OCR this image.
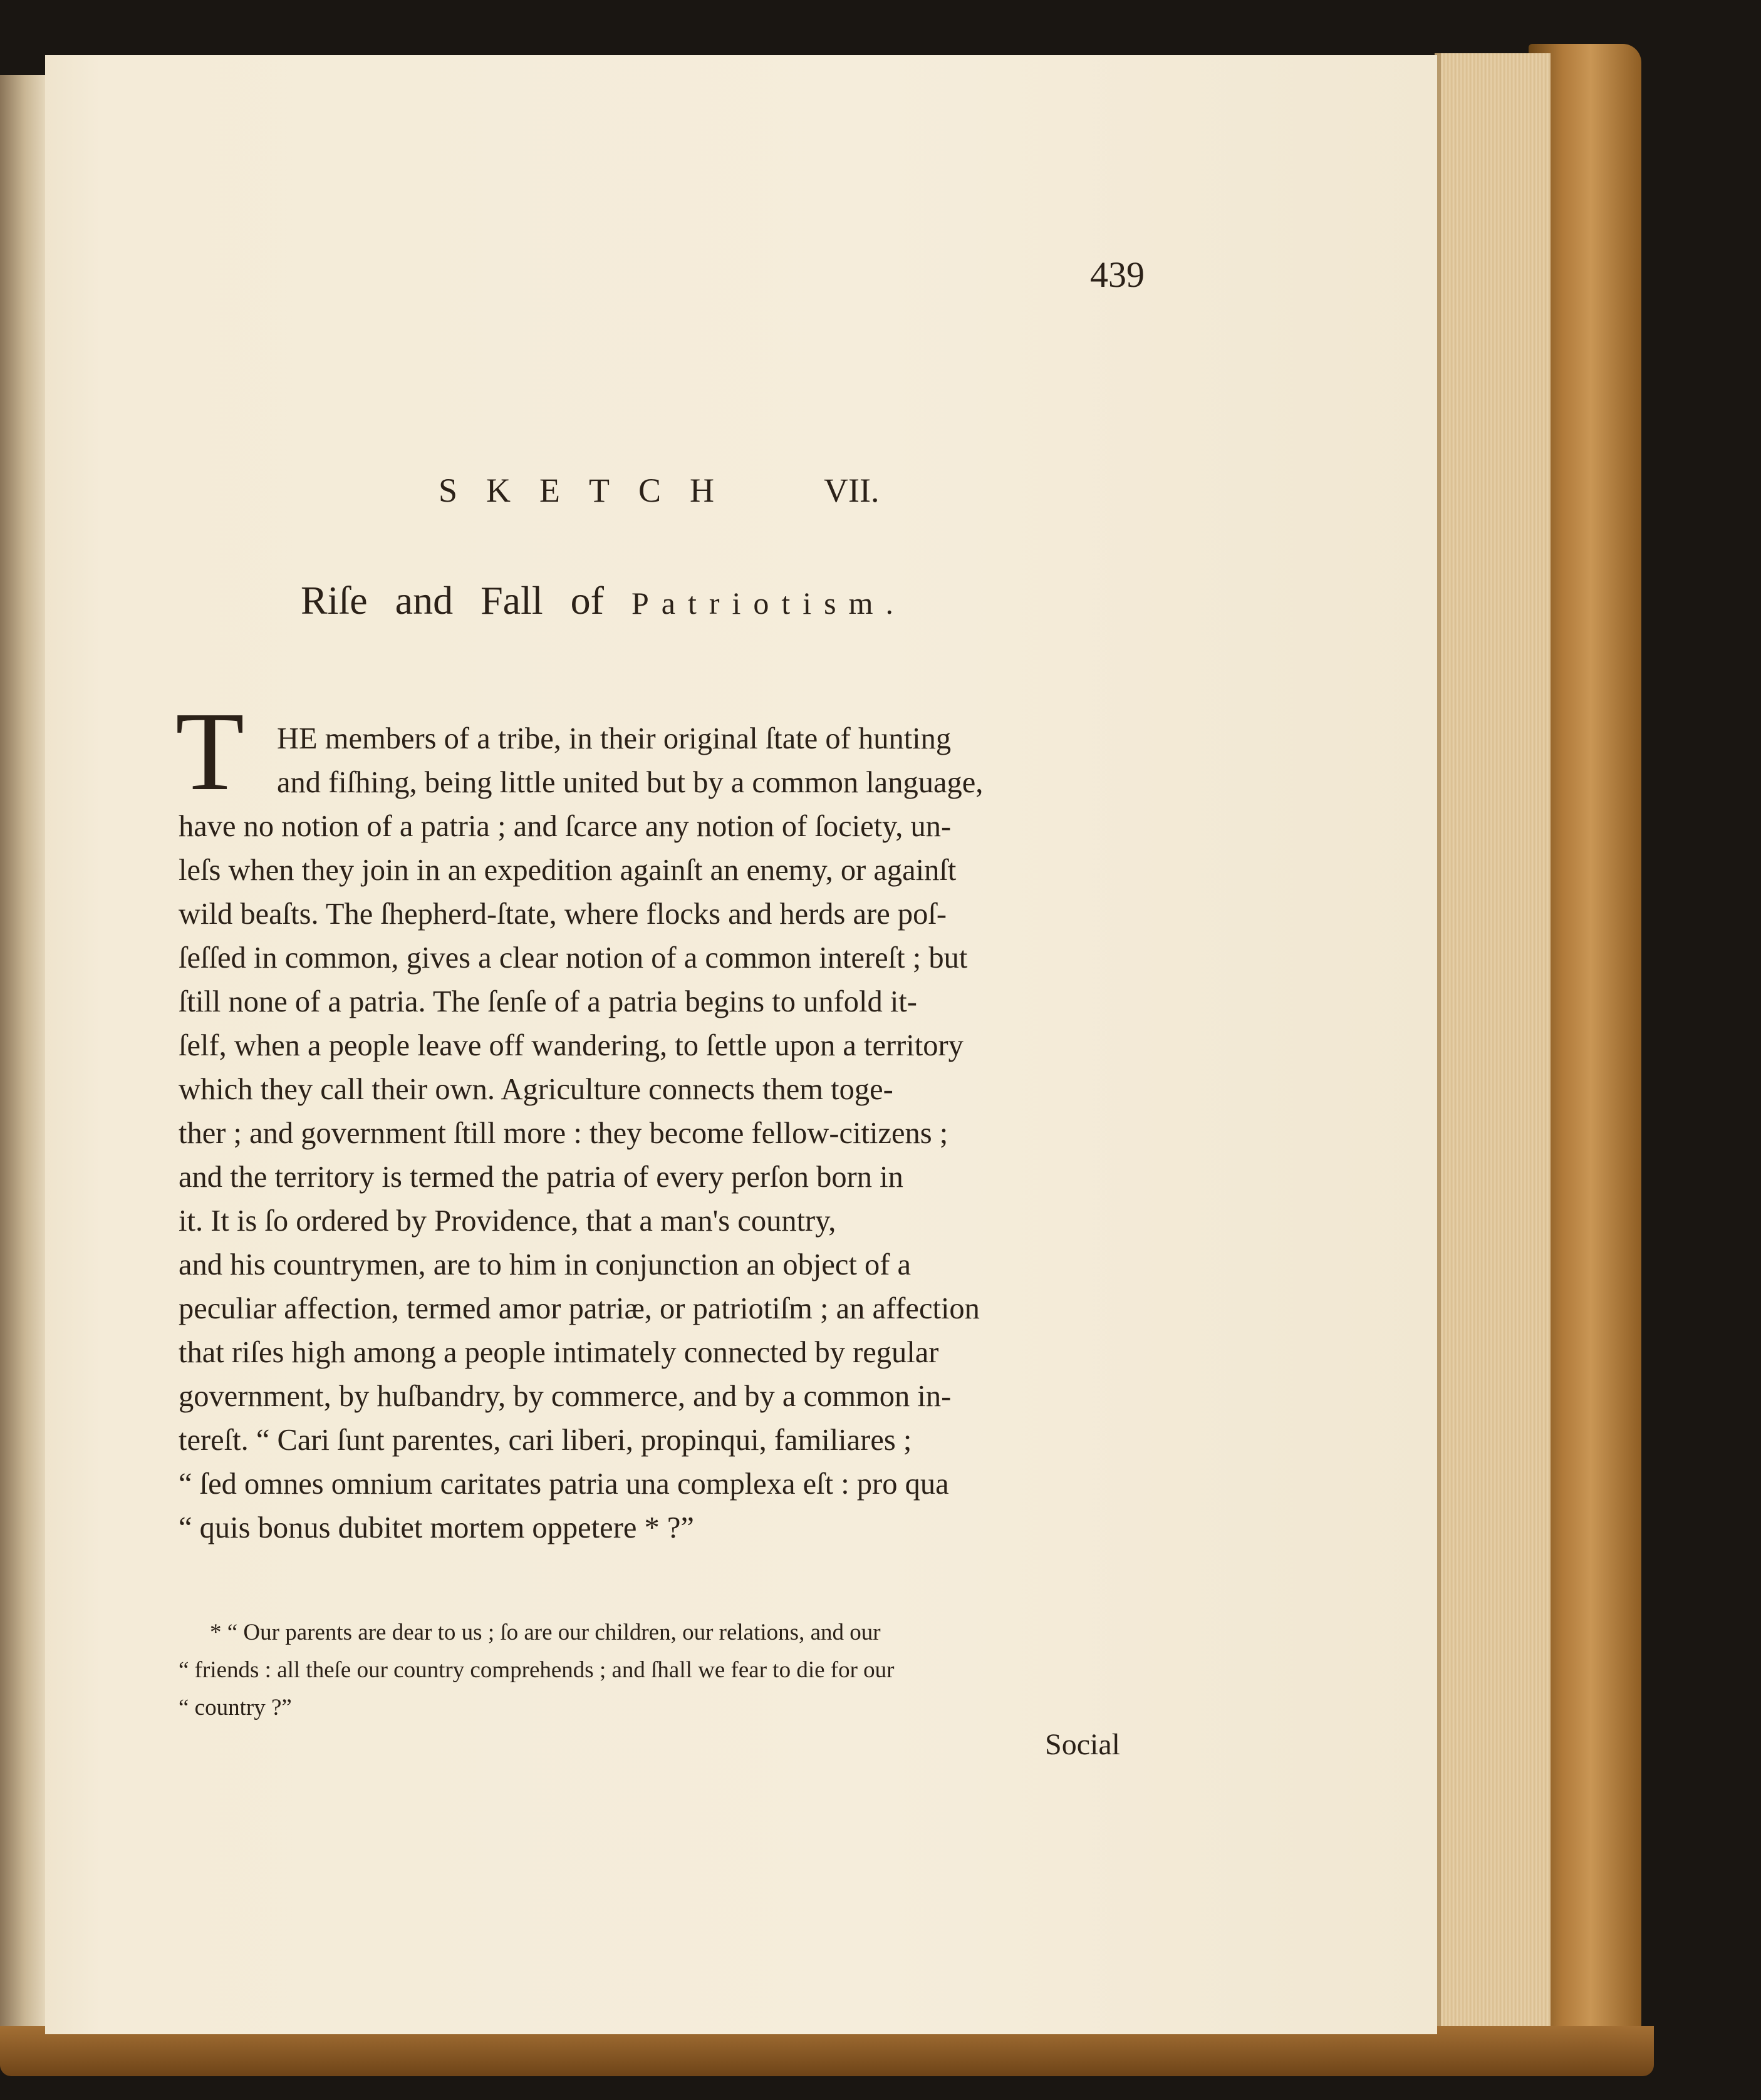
439
SKETCH VII.
Riſe and Fall of Patriotism.
T HE members of a tribe, in their original ſtate of hunting
and fiſhing, being little united but by a common language,
have no notion of a patria ; and ſcarce any notion of ſociety, un-
leſs when they join in an expedition againſt an enemy, or againſt
wild beaſts. The ſhepherd-ſtate, where flocks and herds are poſ-
ſeſſed in common, gives a clear notion of a common intereſt ; but
ſtill none of a patria. The ſenſe of a patria begins to unfold it-
ſelf, when a people leave off wandering, to ſettle upon a territory
which they call their own. Agriculture connects them toge-
ther ; and government ſtill more : they become fellow-citizens ;
and the territory is termed the patria of every perſon born in
it. It is ſo ordered by Providence, that a man's country,
and his countrymen, are to him in conjunction an object of a
peculiar affection, termed amor patriæ, or patriotiſm ; an affection
that riſes high among a people intimately connected by regular
government, by huſbandry, by commerce, and by a common in-
tereſt. “ Cari ſunt parentes, cari liberi, propinqui, familiares ;
“ ſed omnes omnium caritates patria una complexa eſt : pro qua
“ quis bonus dubitet mortem oppetere * ?”
* “ Our parents are dear to us ; ſo are our children, our relations, and our
“ friends : all theſe our country comprehends ; and ſhall we fear to die for our
“ country ?”
Social
